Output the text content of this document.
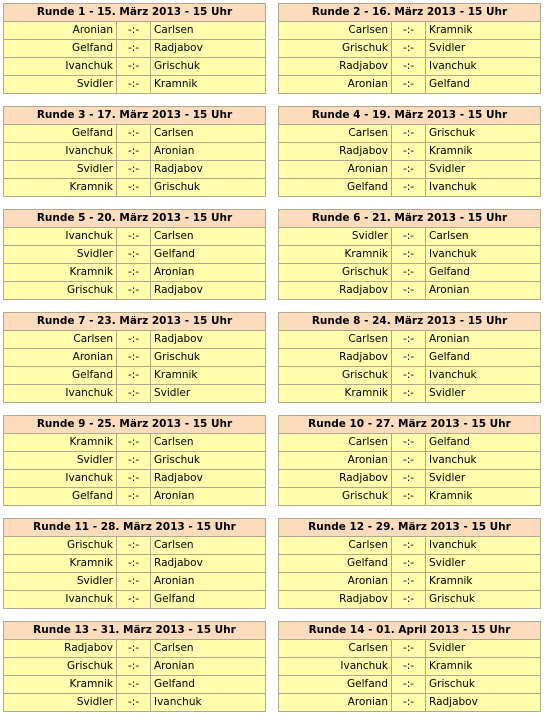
Runde 1 - 15. März 2013 - 15 Uhr		
Aronian	-:-	Carlsen
Gelfand	-:-	Radjabov
Ivanchuk	-:-	Grischuk
Svidler	-:-	Kramnik
Runde 2 - 16. März 2013 - 15 Uhr		
Carlsen	-:-	Kramnik
Grischuk	-:-	Svidler
Radjabov	-:-	Ivanchuk
Aronian	-:-	Gelfand
Runde 3 - 17. März 2013 - 15 Uhr		
Gelfand	-:-	Carlsen
Ivanchuk	-:-	Aronian
Svidler	-:-	Radjabov
Kramnik	-:-	Grischuk
Runde 4 - 19. März 2013 - 15 Uhr		
Carlsen	-:-	Grischuk
Radjabov	-:-	Kramnik
Aronian	-:-	Svidler
Gelfand	-:-	Ivanchuk
Runde 5 - 20. März 2013 - 15 Uhr		
Ivanchuk	-:-	Carlsen
Svidler	-:-	Gelfand
Kramnik	-:-	Aronian
Grischuk	-:-	Radjabov
Runde 6 - 21. März 2013 - 15 Uhr		
Svidler	-:-	Carlsen
Kramnik	-:-	Ivanchuk
Grischuk	-:-	Gelfand
Radjabov	-:-	Aronian
Runde 7 - 23. März 2013 - 15 Uhr		
Carlsen	-:-	Radjabov
Aronian	-:-	Grischuk
Gelfand	-:-	Kramnik
Ivanchuk	-:-	Svidler
Runde 8 - 24. März 2013 - 15 Uhr		
Carlsen	-:-	Aronian
Radjabov	-:-	Gelfand
Grischuk	-:-	Ivanchuk
Kramnik	-:-	Svidler
Runde 9 - 25. März 2013 - 15 Uhr		
Kramnik	-:-	Carlsen
Svidler	-:-	Grischuk
Ivanchuk	-:-	Radjabov
Gelfand	-:-	Aronian
Runde 10 - 27. März 2013 - 15 Uhr		
Carlsen	-:-	Gelfand
Aronian	-:-	Ivanchuk
Radjabov	-:-	Svidler
Grischuk	-:-	Kramnik
Runde 11 - 28. März 2013 - 15 Uhr		
Grischuk	-:-	Carlsen
Kramnik	-:-	Radjabov
Svidler	-:-	Aronian
Ivanchuk	-:-	Gelfand
Runde 12 - 29. März 2013 - 15 Uhr		
Carlsen	-:-	Ivanchuk
Gelfand	-:-	Svidler
Aronian	-:-	Kramnik
Radjabov	-:-	Grischuk
Runde 13 - 31. März 2013 - 15 Uhr		
Radjabov	-:-	Carlsen
Grischuk	-:-	Aronian
Kramnik	-:-	Gelfand
Svidler	-:-	Ivanchuk
Runde 14 - 01. April 2013 - 15 Uhr		
Carlsen	-:-	Svidler
Ivanchuk	-:-	Kramnik
Gelfand	-:-	Grischuk
Aronian	-:-	Radjabov
